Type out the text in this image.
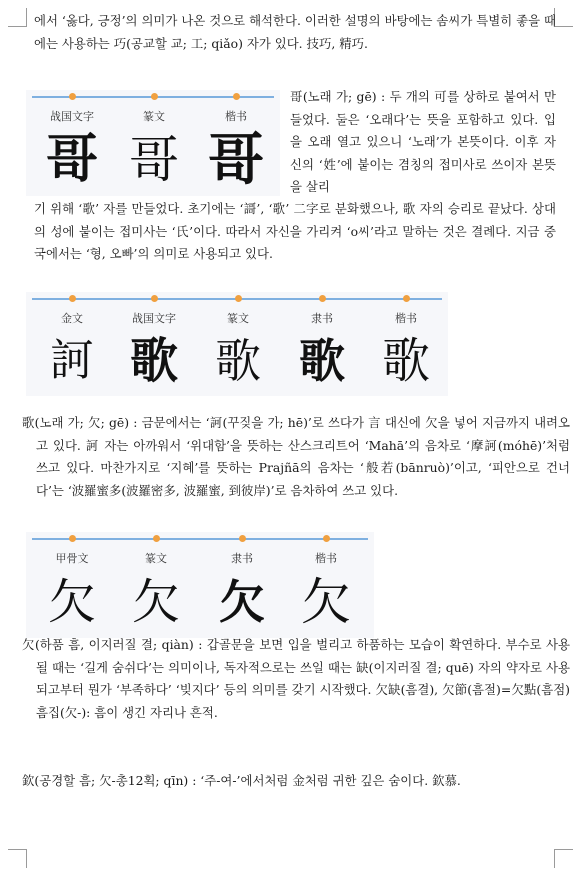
에서 ‘옳다, 긍정’의 의미가 나온 것으로 해석한다. 이러한 설명의 바탕에는 솜씨가 특별히 좋을 때에는 사용하는 巧(공교할 교; 工; qiǎo) 자가 있다. 技巧, 精巧.

战国文字
哥
篆文
哥
楷书
哥

哥(노래 가; gē) : 두 개의 可를 상하로 붙여서 만들었다. 둘은 ‘오래다’는 뜻을 포함하고 있다. 입을 오래 열고 있으니 ‘노래’가 본뜻이다. 이후 자신의 ‘姓’에 붙이는 겸칭의 접미사로 쓰이자 본뜻을 살리

기 위해 ‘歌’ 자를 만들었다. 초기에는 ‘謌’, ‘歌’ 二字로 분화했으나, 歌 자의 승리로 끝났다. 상대의 성에 붙이는 접미사는 ‘氏’이다. 따라서 자신을 가리켜 ‘o씨’라고 말하는 것은 결례다. 지금 중국에서는 ‘형, 오빠’의 의미로 사용되고 있다.

金文
訶
战国文字
歌
篆文
歌
隶书
歌
楷书
歌

歌(노래 가; 欠; gē) : 금문에서는 ‘訶(꾸짖을 가; hē)’로 쓰다가 言 대신에 欠을 넣어 지금까지 내려오고 있다. 訶 자는 아까워서 ‘위대함’을 뜻하는 산스크리트어 ‘Mahā’의 음차로 ‘摩訶(móhē)’처럼 쓰고 있다. 마찬가지로 ‘지혜’를 뜻하는 Prajñā의 음차는 ‘般若(bānruò)’이고, ‘피안으로 건너다’는 ‘波羅蜜多(波羅密多, 波羅蜜, 到彼岸)’로 음차하여 쓰고 있다.

甲骨文
欠
篆文
欠
隶书
欠
楷书
欠

欠(하품 흠, 이지러질 결; qiàn) : 갑골문을 보면 입을 벌리고 하품하는 모습이 확연하다. 부수로 사용될 때는 ‘길게 숨쉬다’는 의미이나, 독자적으로는 쓰일 때는 缺(이지러질 결; quē) 자의 약자로 사용되고부터 뭔가 ‘부족하다’ ‘빚지다’ 등의 의미를 갖기 시작했다. 欠缺(흠결), 欠節(흠절)=欠點(흠점) 흠집(欠-): 흠이 생긴 자리나 흔적.

欽(공경할 흠; 欠-총12획; qīn) : ‘주-여-’에서처럼 金처럼 귀한 깊은 숨이다. 欽慕.
